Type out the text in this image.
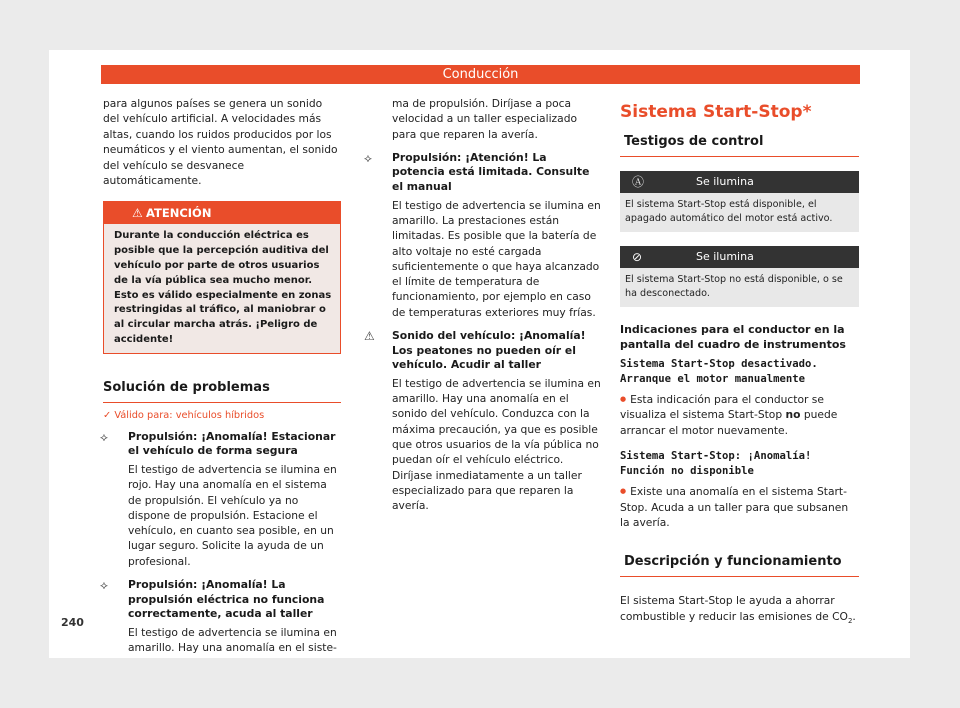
Conducción

para algunos países se genera un sonido del vehículo artificial. A velocidades más altas, cuando los ruidos producidos por los neumáticos y el viento aumentan, el sonido del vehículo se desvanece automáticamente.

⚠ ATENCIÓN

Durante la conducción eléctrica es posible que la percepción auditiva del vehículo por parte de otros usuarios de la vía pública sea mucho menor. Esto es válido especialmente en zonas restringidas al tráfico, al maniobrar o al circular marcha atrás. ¡Peligro de accidente!

Solución de problemas
✓ Válido para: vehículos híbridos
⟡ Propulsión: ¡Anomalía! Estacionar el vehículo de forma segura
El testigo de advertencia se ilumina en rojo. Hay una anomalía en el sistema de propulsión. El vehículo ya no dispone de propulsión. Estacione el vehículo, en cuanto sea posible, en un lugar seguro. Solicite la ayuda de un profesional.
⟡ Propulsión: ¡Anomalía! La propulsión eléctrica no funciona correctamente, acuda al taller
El testigo de advertencia se ilumina en amarillo. Hay una anomalía en el siste-
ma de propulsión. Diríjase a poca velocidad a un taller especializado para que reparen la avería.
⟡ Propulsión: ¡Atención! La potencia está limitada. Consulte el manual
El testigo de advertencia se ilumina en amarillo. La prestaciones están limitadas. Es posible que la batería de alto voltaje no esté cargada suficientemente o que haya alcanzado el límite de temperatura de funcionamiento, por ejemplo en caso de temperaturas exteriores muy frías.
⚠ Sonido del vehículo: ¡Anomalía! Los peatones no pueden oír el vehículo. Acudir al taller
El testigo de advertencia se ilumina en amarillo. Hay una anomalía en el sonido del vehículo. Conduzca con la máxima precaución, ya que es posible que otros usuarios de la vía pública no puedan oír el vehículo eléctrico. Diríjase inmediatamente a un taller especializado para que reparen la avería.
Sistema Start-Stop*
Testigos de control
Ⓐ	Se ilumina
El sistema Start-Stop está disponible, el apagado automático del motor está activo.
⊘	Se ilumina
El sistema Start-Stop no está disponible, o se ha desconectado.
Indicaciones para el conductor en la pantalla del cuadro de instrumentos
Sistema Start-Stop desactivado. Arranque el motor manualmente

● Esta indicación para el conductor se visualiza el sistema Start-Stop no puede arrancar el motor nuevamente.

Sistema Start-Stop: ¡Anomalía! Función no disponible

● Existe una anomalía en el sistema Start-Stop. Acuda a un taller para que subsanen la avería.

Descripción y funcionamiento

El sistema Start-Stop le ayuda a ahorrar combustible y reducir las emisiones de $CO_2$.

240
